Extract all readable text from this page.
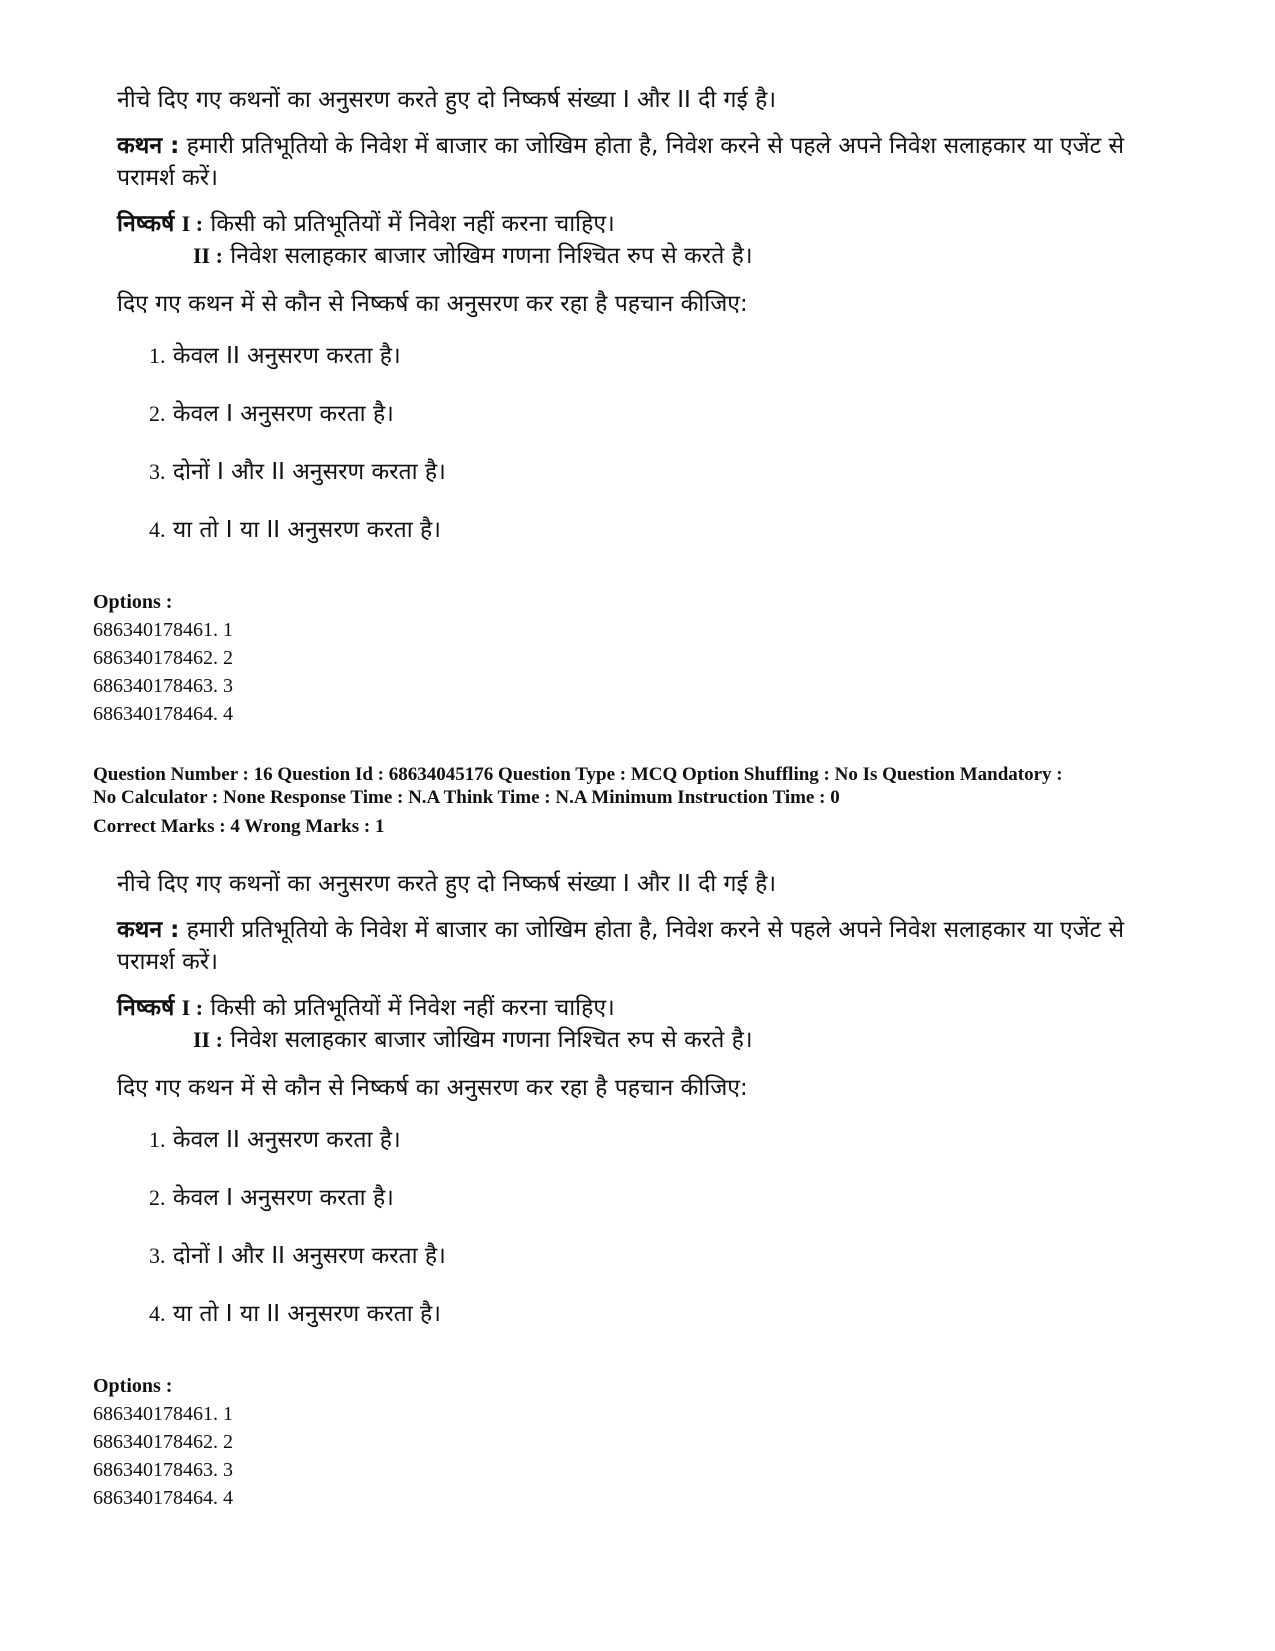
नीचे दिए गए कथनों का अनुसरण करते हुए दो निष्कर्ष संख्या I और II दी गई है।

कथन : हमारी प्रतिभूतियो के निवेश में बाजार का जोखिम होता है, निवेश करने से पहले अपने निवेश सलाहकार या एजेंट से परामर्श करें।

निष्कर्ष I : किसी को प्रतिभूतियों में निवेश नहीं करना चाहिए।
II : निवेश सलाहकार बाजार जोखिम गणना निश्चित रुप से करते है।

दिए गए कथन में से कौन से निष्कर्ष का अनुसरण कर रहा है पहचान कीजिए:

1. केवल II अनुसरण करता है।
2. केवल I अनुसरण करता है।
3. दोनों I और II अनुसरण करता है।
4. या तो I या II अनुसरण करता है।
Options :
686340178461. 1
686340178462. 2
686340178463. 3
686340178464. 4
Question Number : 16 Question Id : 68634045176 Question Type : MCQ Option Shuffling : No Is Question Mandatory :
No Calculator : None Response Time : N.A Think Time : N.A Minimum Instruction Time : 0
Correct Marks : 4 Wrong Marks : 1

नीचे दिए गए कथनों का अनुसरण करते हुए दो निष्कर्ष संख्या I और II दी गई है।

कथन : हमारी प्रतिभूतियो के निवेश में बाजार का जोखिम होता है, निवेश करने से पहले अपने निवेश सलाहकार या एजेंट से परामर्श करें।

निष्कर्ष I : किसी को प्रतिभूतियों में निवेश नहीं करना चाहिए।
II : निवेश सलाहकार बाजार जोखिम गणना निश्चित रुप से करते है।

दिए गए कथन में से कौन से निष्कर्ष का अनुसरण कर रहा है पहचान कीजिए:

1. केवल II अनुसरण करता है।
2. केवल I अनुसरण करता है।
3. दोनों I और II अनुसरण करता है।
4. या तो I या II अनुसरण करता है।
Options :
686340178461. 1
686340178462. 2
686340178463. 3
686340178464. 4
